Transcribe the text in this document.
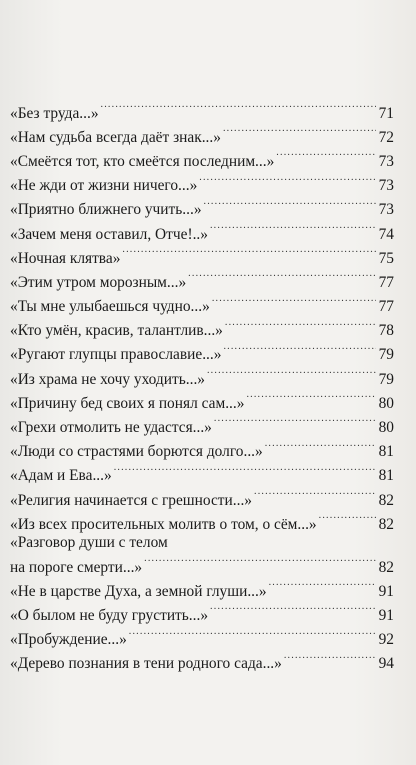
«Без труда...» .....	71
«Нам судьба всегда даёт знак...» .....	72
«Смеётся тот, кто смеётся последним...» .....	73
«Не жди от жизни ничего...» .....	73
«Приятно ближнего учить...» .....	73
«Зачем меня оставил, Отче!..» .....	74
«Ночная клятва» .....	75
«Этим утром морозным...» .....	77
«Ты мне улыбаешься чудно...» .....	77
«Кто умён, красив, талантлив...» .....	78
«Ругают глупцы православие...» .....	79
«Из храма не хочу уходить...» .....	79
«Причину бед своих я понял сам...» .....	80
«Грехи отмолить не удастся...» .....	80
«Люди со страстями борются долго...» .....	81
«Адам и Ева...» .....	81
«Религия начинается с грешности...» .....	82
«Из всех просительных молитв о том, о сём...» .....	82
«Разговор души с телом
на пороге смерти...» .....	82
«Не в царстве Духа, а земной глуши...» .....	91
«О былом не буду грустить...» .....	91
«Пробуждение...» .....	92
«Дерево познания в тени родного сада...» .....	94
